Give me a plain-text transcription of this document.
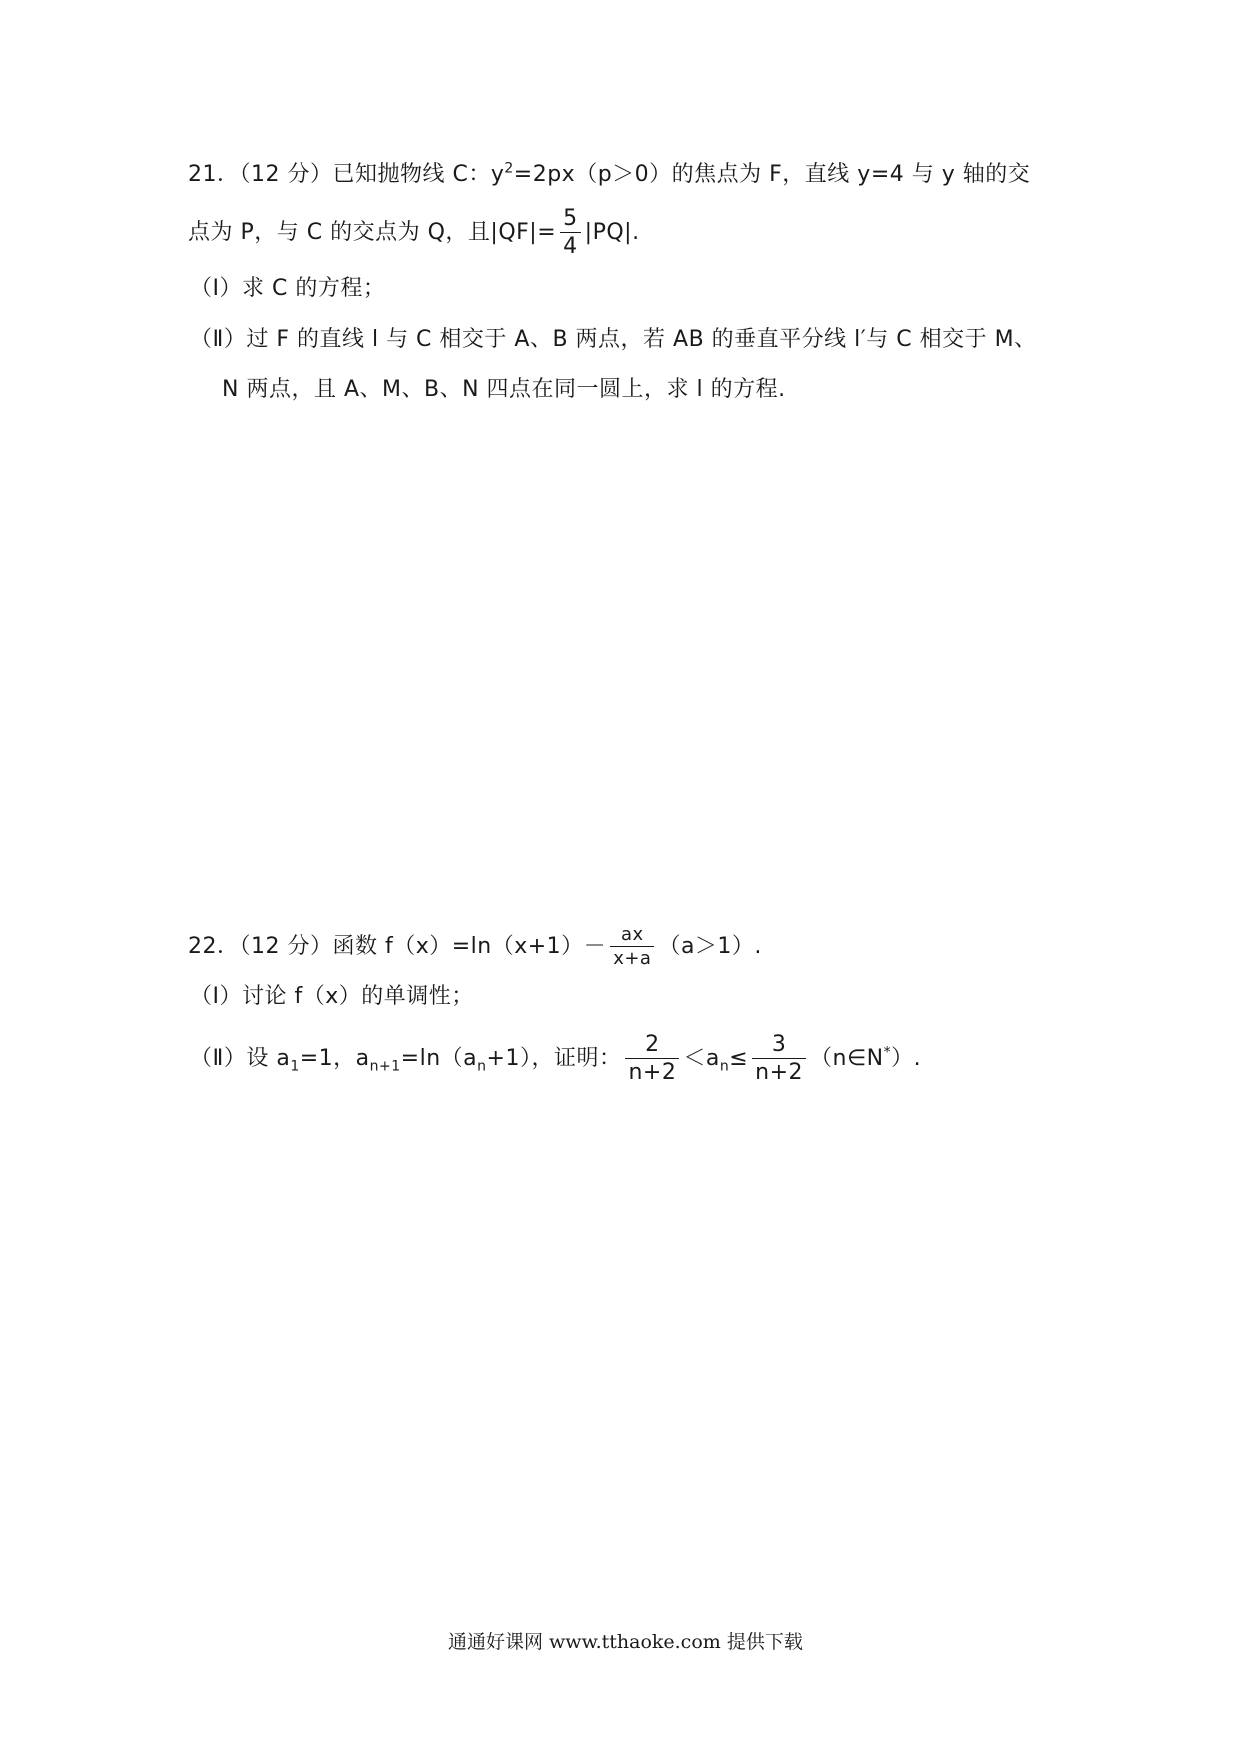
21．（12 分）已知抛物线 C：$y^2=2px(p>0)$的焦点为 F，直线 y=4 与 y 轴的交
点为 P，与 C 的交点为 Q，且$|QF|= \frac{5}{4} |PQ|$.
（Ⅰ）求 C 的方程；
（Ⅱ）过 F 的直线 l 与 C 相交于 A、B 两点，若 AB 的垂直平分线 l′与 C 相交于 M、
N 两点，且 A、M、B、N 四点在同一圆上，求 l 的方程.
22．（12 分）函数 $f(x)=\ln(x+1)- \frac{ax}{x+a} (a>1)$.
（Ⅰ）讨论 f（x）的单调性；
（Ⅱ）设 $a_1=1$，$a_{n+1}=\ln(a_n+1)$，证明： $\frac{2}{n+2} <a_n\le \frac{3}{n+2}$ （n∈N*）.
通通好课网 www.tthaoke.com 提供下载
